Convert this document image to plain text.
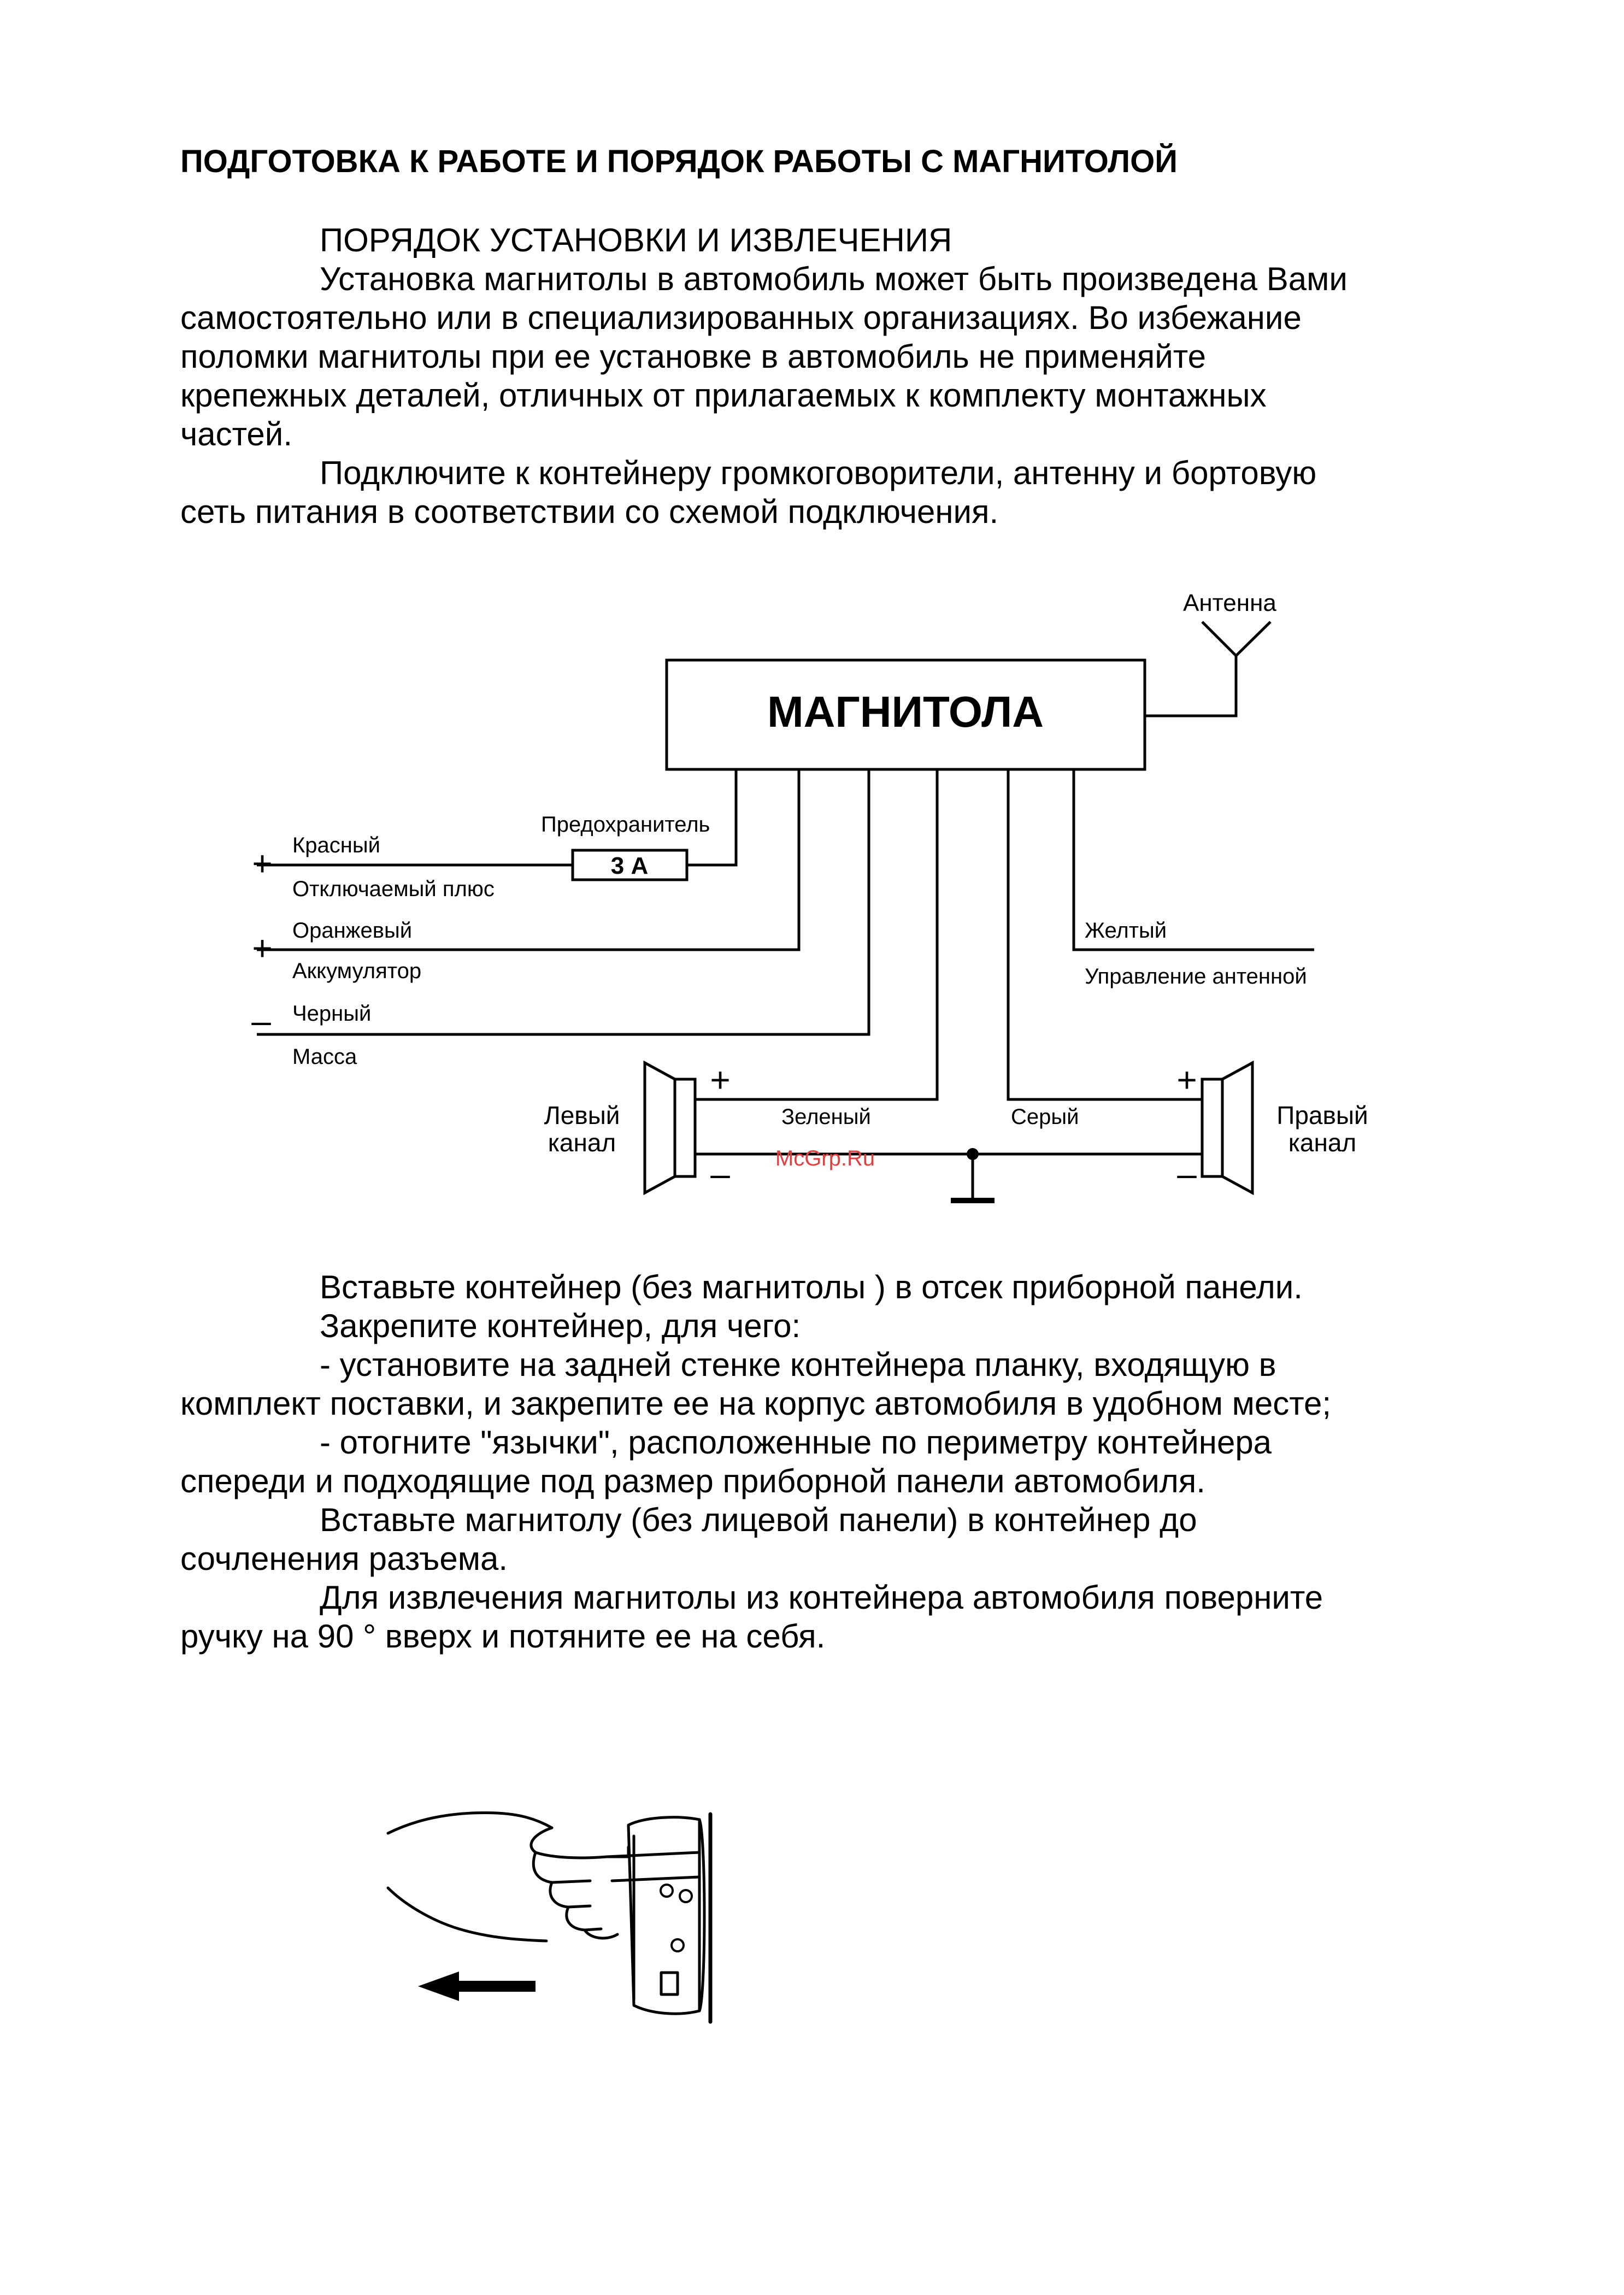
ПОДГОТОВКА К РАБОТЕ И ПОРЯДОК РАБОТЫ С МАГНИТОЛОЙ
ПОРЯДОК УСТАНОВКИ И ИЗВЛЕЧЕНИЯ
Установка магнитолы в автомобиль может быть произведена Вами
самостоятельно или в специализированных организациях. Во избежание
поломки магнитолы при ее установке в автомобиль не применяйте
крепежных деталей, отличных от прилагаемых к комплекту монтажных
частей.
Подключите к контейнеру громкоговорители, антенну и бортовую
сеть питания в соответствии со схемой подключения.
Антенна
МАГНИТОЛА
Предохранитель
3 А
+ Красный
Отключаемый плюс
+ Оранжевый
Аккумулятор
– Черный
Масса
Желтый
Управление антенной
Зеленый	Серый
+
–
Левый
канал
+
–
Правый
канал
McGrp.Ru
Вставьте контейнер (без магнитолы ) в отсек приборной панели.
Закрепите контейнер, для чего:
- установите на задней стенке контейнера планку, входящую в
комплект поставки, и закрепите ее на корпус автомобиля в удобном месте;
- отогните "язычки", расположенные по периметру контейнера
спереди и подходящие под размер приборной панели автомобиля.
Вставьте магнитолу (без лицевой панели) в контейнер до
сочленения разъема.
Для извлечения магнитолы из контейнера автомобиля поверните
ручку на 90 ° вверх и потяните ее на себя.
